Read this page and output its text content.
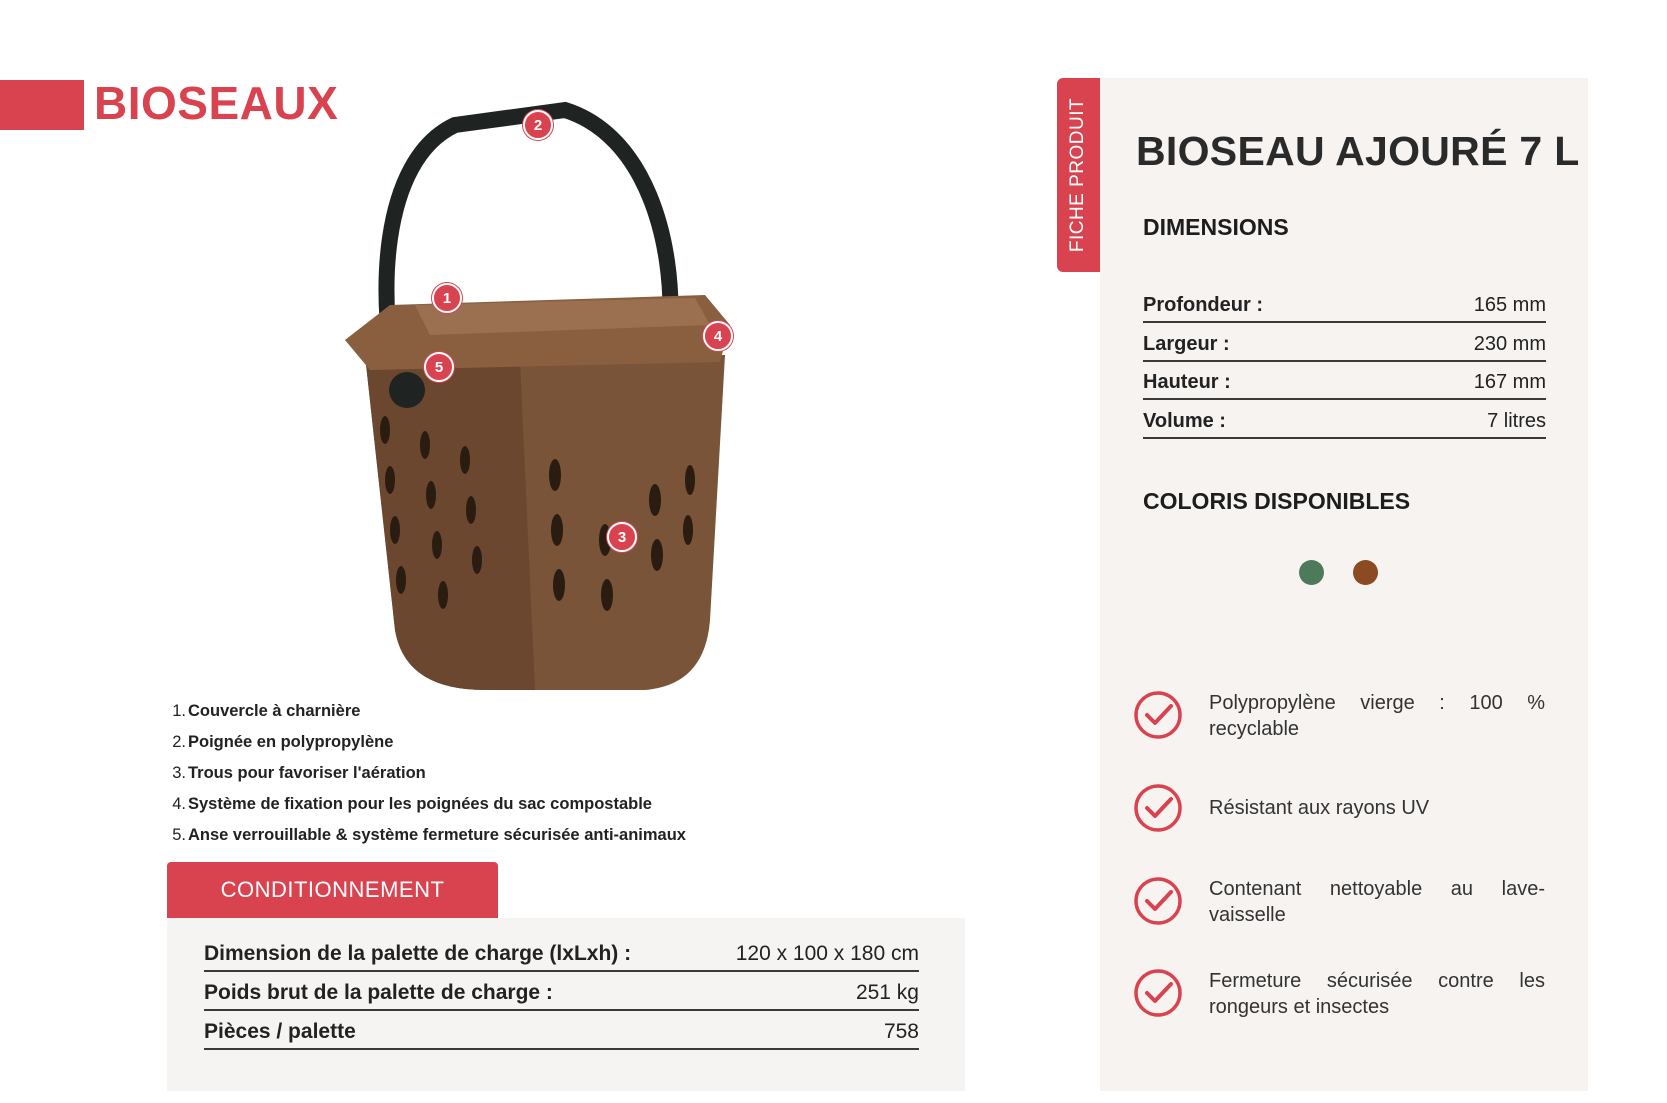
BIOSEAUX
1
2
3
4
5
1. Couvercle à charnière
2. Poignée en polypropylène
3. Trous pour favoriser l'aération
4. Système de fixation pour les poignées du sac compostable
5. Anse verrouillable & système fermeture sécurisée anti-animaux
CONDITIONNEMENT
Dimension de la palette de charge (lxLxh) :	120 x 100 x 180 cm
Poids brut de la palette de charge :	251 kg
Pièces / palette	758
FICHE PRODUIT BIOSEAU AJOURÉ 7 L
DIMENSIONS
Profondeur :	165 mm
Largeur :	230 mm
Hauteur :	167 mm
Volume :	7 litres
COLORIS DISPONIBLES
Polypropylène vierge : 100 % recyclable
Résistant aux rayons UV
Contenant nettoyable au lave-vaisselle
Fermeture sécurisée contre les rongeurs et insectes
